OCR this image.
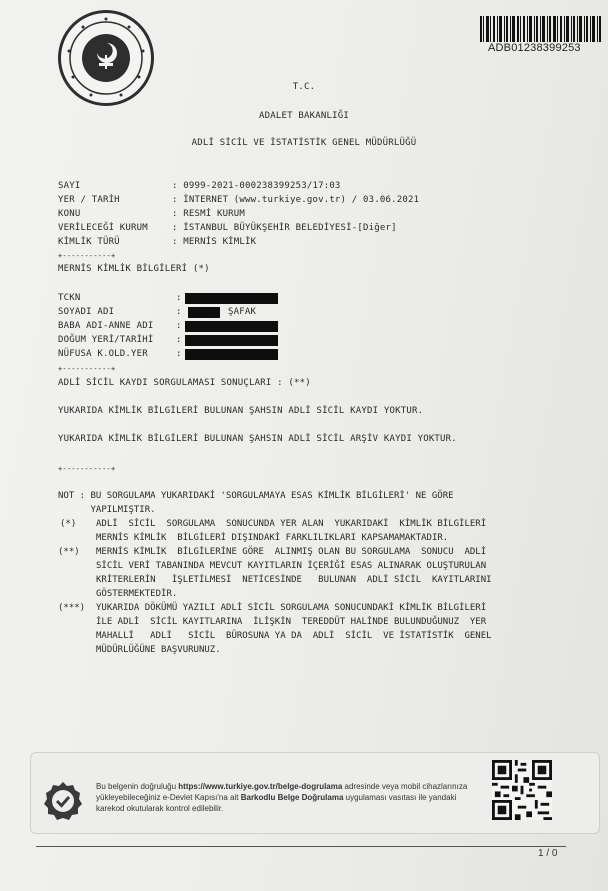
ADB01238399253
T.C.
ADALET BAKANLIĞI
ADLİ SİCİL VE İSTATİSTİK GENEL MÜDÜRLÜĞÜ
SAYI	: 0999-2021-000238399253/17:03
YER / TARİH	: İNTERNET (www.turkiye.gov.tr) / 03.06.2021
KONU	: RESMİ KURUM
VERİLECEĞİ KURUM	: İSTANBUL BÜYÜKŞEHİR BELEDİYESİ-[Diğer]
KİMLİK TÜRÜ	: MERNİS KİMLİK
+-----------+
MERNİS KİMLİK BİLGİLERİ (*)
TCKN	:
SOYADI ADI	:	ŞAFAK
BABA ADI-ANNE ADI :
DOĞUM YERİ/TARİHİ :
NÜFUSA K.OLD.YER	:
+-----------+
ADLİ SİCİL KAYDI SORGULAMASI SONUÇLARI : (**)
YUKARIDA KİMLİK BİLGİLERİ BULUNAN ŞAHSIN ADLİ SİCİL KAYDI YOKTUR.
YUKARIDA KİMLİK BİLGİLERİ BULUNAN ŞAHSIN ADLİ SİCİL ARŞİV KAYDI YOKTUR.
+-----------+
NOT : BU SORGULAMA YUKARIDAKİ 'SORGULAMAYA ESAS KİMLİK BİLGİLERİ' NE GÖRE
YAPILMIŞTIR.
(*) ADLİ  SİCİL  SORGULAMA  SONUCUNDA YER ALAN  YUKARIDAKİ  KİMLİK BİLGİLERİ
MERNİS KİMLİK  BİLGİLERİ DIŞINDAKİ FARKLILIKLARI KAPSAMAMAKTADIR.
(**) MERNİS KİMLİK  BİLGİLERİNE GÖRE  ALINMIŞ OLAN BU SORGULAMA  SONUCU  ADLİ
SİCİL VERİ TABANINDA MEVCUT KAYITLARIN İÇERİĞİ ESAS ALINARAK OLUŞTURULAN
KRİTERLERİN   İŞLETİLMESİ  NETİCESİNDE   BULUNAN  ADLİ SİCİL  KAYITLARINI
GÖSTERMEKTEDİR.
(***) YUKARIDA DÖKÜMÜ YAZILI ADLİ SİCİL SORGULAMA SONUCUNDAKİ KİMLİK BİLGİLERİ
İLE ADLİ  SİCİL KAYITLARINA  İLİŞKİN  TEREDDÜT HALİNDE BULUNDUĞUNUZ  YER
MAHALLİ   ADLİ   SİCİL  BÜROSUNA YA DA  ADLİ  SİCİL  VE İSTATİSTİK  GENEL
MÜDÜRLÜĞÜNE BAŞVURUNUZ.
Bu belgenin doğruluğu https://www.turkiye.gov.tr/belge-dogrulama adresinde veya mobil cihazlarınıza yükleyebileceğiniz e-Devlet Kapısı'na ait Barkodlu Belge Doğrulama uygulaması vasıtası ile yandaki karekod okutularak kontrol edilebilir.
1 / 0
